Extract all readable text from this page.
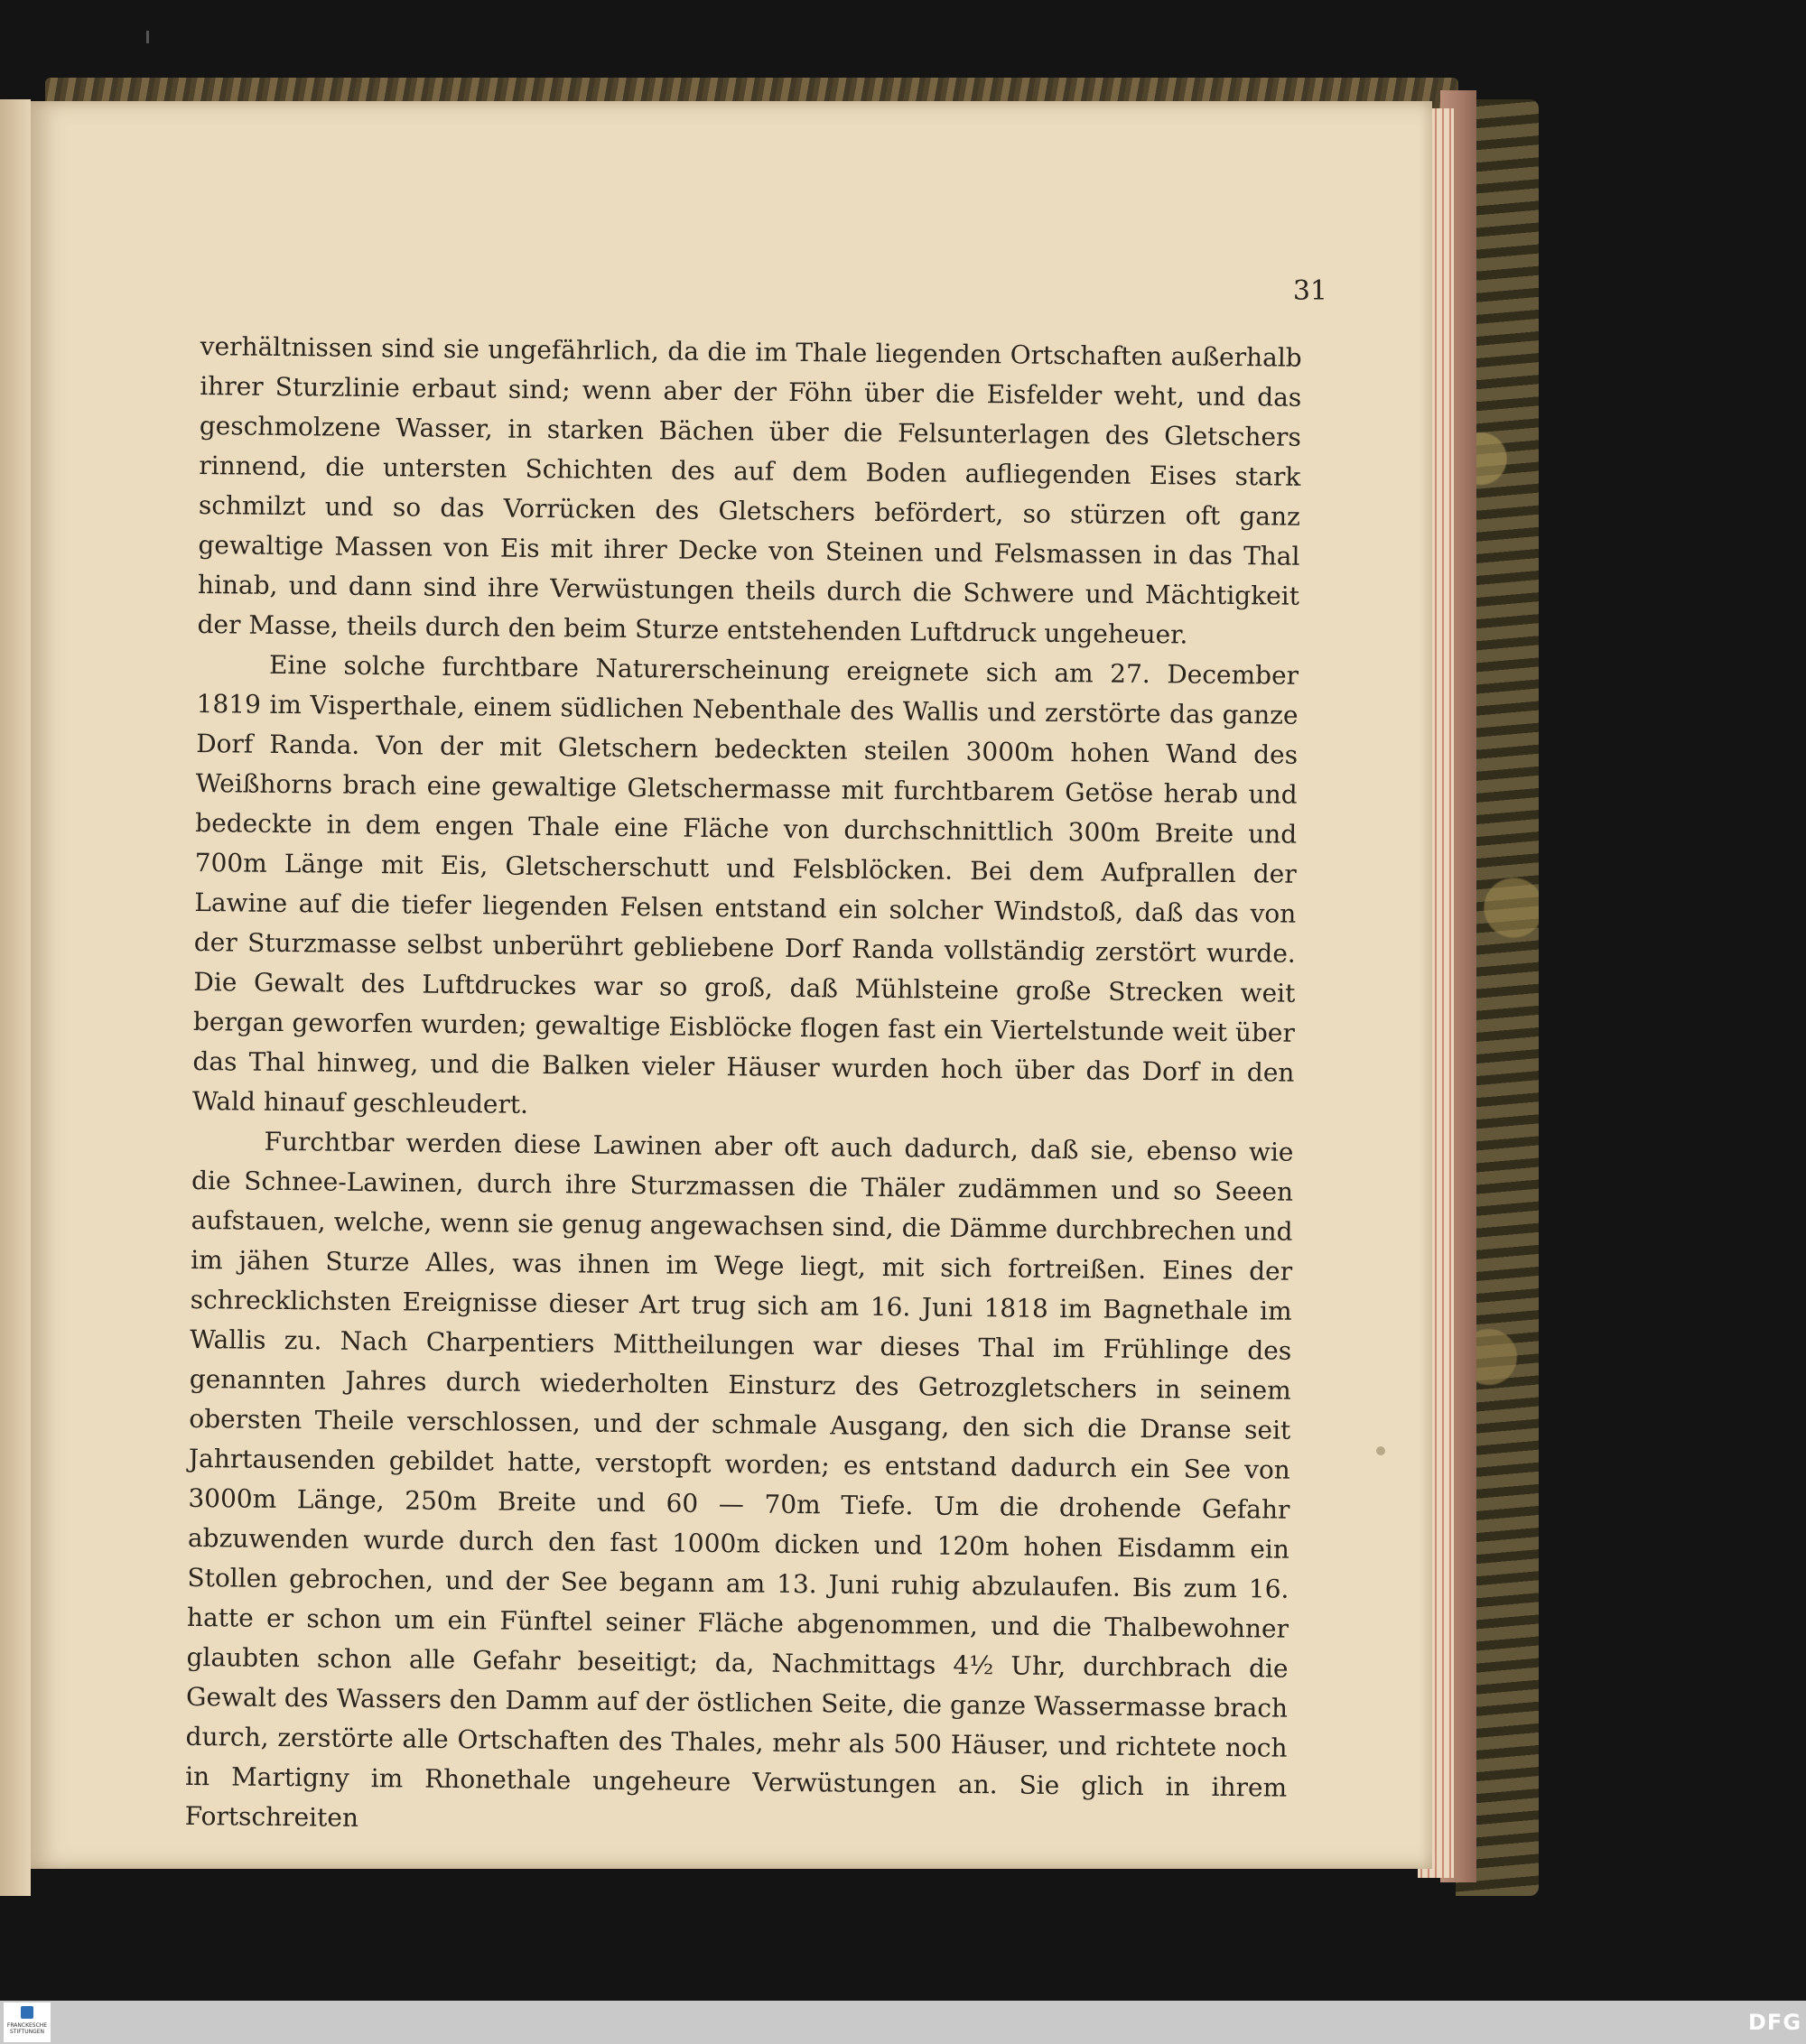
31

verhältnissen sind sie ungefährlich, da die im Thale liegenden Ortschaften außerhalb ihrer Sturzlinie erbaut sind; wenn aber der Föhn über die Eisfelder weht, und das geschmolzene Wasser, in starken Bächen über die Felsunterlagen des Gletschers rinnend, die untersten Schichten des auf dem Boden aufliegenden Eises stark schmilzt und so das Vorrücken des Gletschers befördert, so stürzen oft ganz gewaltige Massen von Eis mit ihrer Decke von Steinen und Felsmassen in das Thal hinab, und dann sind ihre Verwüstungen theils durch die Schwere und Mächtigkeit der Masse, theils durch den beim Sturze entstehenden Luftdruck ungeheuer.

Eine solche furchtbare Naturerscheinung ereignete sich am 27. December 1819 im Visperthale, einem südlichen Nebenthale des Wallis und zerstörte das ganze Dorf Randa. Von der mit Gletschern bedeckten steilen 3000m hohen Wand des Weißhorns brach eine gewaltige Gletschermasse mit furchtbarem Getöse herab und bedeckte in dem engen Thale eine Fläche von durchschnittlich 300m Breite und 700m Länge mit Eis, Gletscherschutt und Felsblöcken. Bei dem Aufprallen der Lawine auf die tiefer liegenden Felsen entstand ein solcher Windstoß, daß das von der Sturzmasse selbst unberührt gebliebene Dorf Randa vollständig zerstört wurde. Die Gewalt des Luftdruckes war so groß, daß Mühlsteine große Strecken weit bergan geworfen wurden; gewaltige Eisblöcke flogen fast ein Viertelstunde weit über das Thal hinweg, und die Balken vieler Häuser wurden hoch über das Dorf in den Wald hinauf geschleudert.

Furchtbar werden diese Lawinen aber oft auch dadurch, daß sie, ebenso wie die Schnee-Lawinen, durch ihre Sturzmassen die Thäler zudämmen und so Seeen aufstauen, welche, wenn sie genug angewachsen sind, die Dämme durchbrechen und im jähen Sturze Alles, was ihnen im Wege liegt, mit sich fortreißen. Eines der schrecklichsten Ereignisse dieser Art trug sich am 16. Juni 1818 im Bagnethale im Wallis zu. Nach Charpentiers Mittheilungen war dieses Thal im Frühlinge des genannten Jahres durch wiederholten Einsturz des Getrozgletschers in seinem obersten Theile verschlossen, und der schmale Ausgang, den sich die Dranse seit Jahrtausenden gebildet hatte, verstopft worden; es entstand dadurch ein See von 3000m Länge, 250m Breite und 60 — 70m Tiefe. Um die drohende Gefahr abzuwenden wurde durch den fast 1000m dicken und 120m hohen Eisdamm ein Stollen gebrochen, und der See begann am 13. Juni ruhig abzulaufen. Bis zum 16. hatte er schon um ein Fünftel seiner Fläche abgenommen, und die Thalbewohner glaubten schon alle Gefahr beseitigt; da, Nachmittags 4½ Uhr, durchbrach die Gewalt des Wassers den Damm auf der östlichen Seite, die ganze Wassermasse brach durch, zerstörte alle Ortschaften des Thales, mehr als 500 Häuser, und richtete noch in Martigny im Rhonethale ungeheure Verwüstungen an. Sie glich in ihrem Fortschreiten

FRANCKESCHE STIFTUNGEN	DFG
